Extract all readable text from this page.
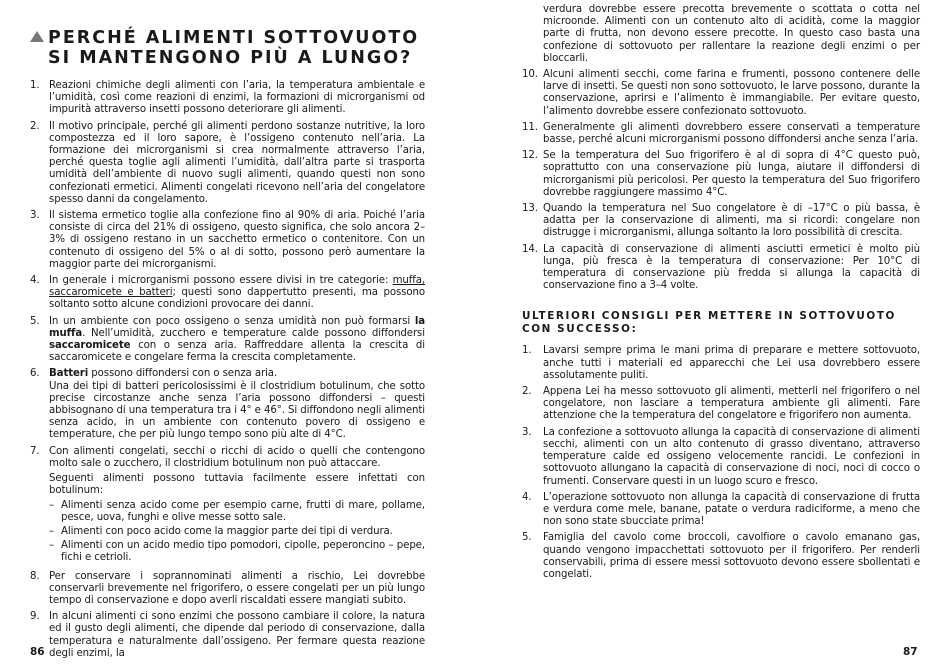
PERCHÉ ALIMENTI SOTTOVUOTO
SI MANTENGONO PIÙ A LUNGO?
1. Reazioni chimiche degli alimenti con l’aria, la temperatura ambientale e l’umidità, così come reazioni di enzimi, la formazioni di microrganismi od impurità attraverso insetti possono deteriorare gli alimenti.
2. Il motivo principale, perché gli alimenti perdono sostanze nutritive, la loro compostezza ed il loro sapore, è l’ossigeno contenuto nell’aria. La formazione dei microrganismi si crea normalmente attraverso l’aria, perché questa toglie agli alimenti l’umidità, dall’altra parte si trasporta umidità dell’ambiente di nuovo sugli alimenti, quando questi non sono confezionati ermetici. Alimenti congelati ricevono nell’aria del congelatore spesso danni da congelamento.
3. Il sistema ermetico toglie alla confezione fino al 90% di aria. Poiché l’aria consiste di circa del 21% di ossigeno, questo significa, che solo ancora 2–3% di ossigeno restano in un sacchetto ermetico o contenitore. Con un contenuto di ossigeno del 5% o al di sotto, possono però aumentare la maggior parte dei microrganismi.
4. In generale i microrganismi possono essere divisi in tre categorie: muffa, saccaromicete e batteri; questi sono dappertutto presenti, ma possono soltanto sotto alcune condizioni provocare dei danni.
5. In un ambiente con poco ossigeno o senza umidità non può formarsi la muffa. Nell’umidità, zucchero e temperature calde possono diffondersi saccaromicete con o senza aria. Raffreddare allenta la crescita di saccaromicete e congelare ferma la crescita completamente.
6. Batteri possono diffondersi con o senza aria.
Una dei tipi di batteri pericolosissimi è il clostridium botulinum, che sotto precise circostanze anche senza l’aria possono diffondersi – questi abbisognano di una temperatura tra i 4° e 46°. Si diffondono negli alimenti senza acido, in un ambiente con contenuto povero di ossigeno e temperature, che per più lungo tempo sono più alte di 4°C.
7. Con alimenti congelati, secchi o ricchi di acido o quelli che contengono molto sale o zucchero, il clostridium botulinum non può attaccare.
Seguenti alimenti possono tuttavia facilmente essere infettati con botulinum:
– Alimenti senza acido come per esempio carne, frutti di mare, pollame, pesce, uova, funghi e olive messe sotto sale.
– Alimenti con poco acido come la maggior parte dei tipi di verdura.
– Alimenti con un acido medio tipo pomodori, cipolle, peperoncino – pepe, fichi e cetrioli.
8. Per conservare i soprannominati alimenti a rischio, Lei dovrebbe conservarli brevemente nel frigorifero, o essere congelati per un più lungo tempo di conservazione e dopo averli riscaldati essere mangiati subito.
9. In alcuni alimenti ci sono enzimi che possono cambiare il colore, la natura ed il gusto degli alimenti, che dipende dal periodo di conservazione, dalla temperatura e naturalmente dall’ossigeno. Per fermare questa reazione degli enzimi, la
86
verdura dovrebbe essere precotta brevemente o scottata o cotta nel microonde. Alimenti con un contenuto alto di acidità, come la maggior parte di frutta, non devono essere precotte. In questo caso basta una confezione di sottovuoto per rallentare la reazione degli enzimi o per bloccarli.
10. Alcuni alimenti secchi, come farina e frumenti, possono contenere delle larve di insetti. Se questi non sono sottovuoto, le larve possono, durante la conservazione, aprirsi e l’alimento è immangiabile. Per evitare questo, l’alimento dovrebbe essere confezionato sottovuoto.
11. Generalmente gli alimenti dovrebbero essere conservati a temperature basse, perché alcuni microrganismi possono diffondersi anche senza l’aria.
12. Se la temperatura del Suo frigorifero è al di sopra di 4°C questo può, soprattutto con una conservazione più lunga, aiutare il diffondersi di microrganismi più pericolosi. Per questo la temperatura del Suo frigorifero dovrebbe raggiungere massimo 4°C.
13. Quando la temperatura nel Suo congelatore è di –17°C o più bassa, è adatta per la conservazione di alimenti, ma si ricordi: congelare non distrugge i microrganismi, allunga soltanto la loro possibilità di crescita.
14. La capacità di conservazione di alimenti asciutti ermetici è molto più lunga, più fresca è la temperatura di conservazione: Per 10°C di temperatura di conservazione più fredda si allunga la capacità di conservazione fino a 3–4 volte.
ULTERIORI CONSIGLI PER METTERE IN SOTTOVUOTO
CON SUCCESSO:
1. Lavarsi sempre prima le mani prima di preparare e mettere sottovuoto, anche tutti i materiali ed apparecchi che Lei usa dovrebbero essere assolutamente puliti.
2. Appena Lei ha messo sottovuoto gli alimenti, metterli nel frigorifero o nel congelatore, non lasciare a temperatura ambiente gli alimenti. Fare attenzione che la temperatura del congelatore e frigorifero non aumenta.
3. La confezione a sottovuoto allunga la capacità di conservazione di alimenti secchi, alimenti con un alto contenuto di grasso diventano, attraverso temperature calde ed ossigeno velocemente rancidi. Le confezioni in sottovuoto allungano la capacità di conservazione di noci, noci di cocco o frumenti. Conservare questi in un luogo scuro e fresco.
4. L’operazione sottovuoto non allunga la capacità di conservazione di frutta e verdura come mele, banane, patate o verdura radiciforme, a meno che non sono state sbucciate prima!
5. Famiglia del cavolo come broccoli, cavolfiore o cavolo emanano gas, quando vengono impacchettati sottovuoto per il frigorifero. Per renderli conservabili, prima di essere messi sottovuoto devono essere sbollentati e congelati.
87
